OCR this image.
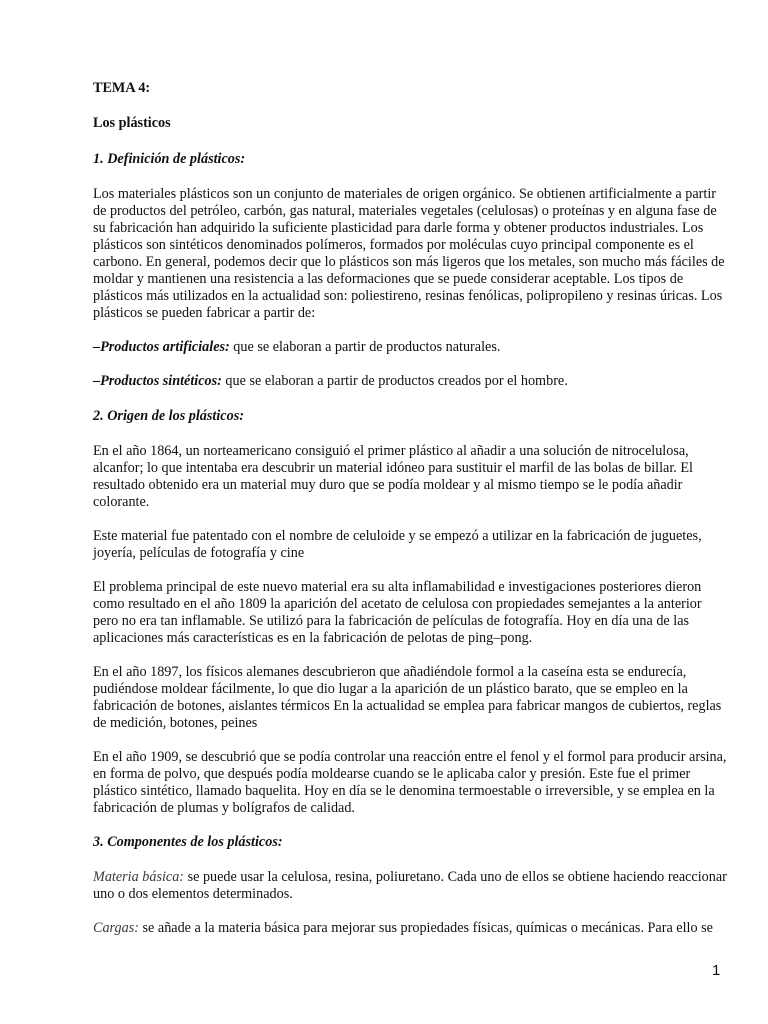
TEMA 4:

Los plásticos

1. Definición de plásticos:

Los materiales plásticos son un conjunto de materiales de origen orgánico. Se obtienen artificialmente a partir de productos del petróleo, carbón, gas natural, materiales vegetales (celulosas) o proteínas y en alguna fase de su fabricación han adquirido la suficiente plasticidad para darle forma y obtener productos industriales. Los plásticos son sintéticos denominados polímeros, formados por moléculas cuyo principal componente es el carbono. En general, podemos decir que lo plásticos son más ligeros que los metales, son mucho más fáciles de moldar y mantienen una resistencia a las deformaciones que se puede considerar aceptable. Los tipos de plásticos más utilizados en la actualidad son: poliestireno, resinas fenólicas, polipropileno y resinas úricas. Los plásticos se pueden fabricar a partir de:

–Productos artificiales: que se elaboran a partir de productos naturales.

–Productos sintéticos: que se elaboran a partir de productos creados por el hombre.

2. Origen de los plásticos:

En el año 1864, un norteamericano consiguió el primer plástico al añadir a una solución de nitrocelulosa, alcanfor; lo que intentaba era descubrir un material idóneo para sustituir el marfil de las bolas de billar. El resultado obtenido era un material muy duro que se podía moldear y al mismo tiempo se le podía añadir colorante.

Este material fue patentado con el nombre de celuloide y se empezó a utilizar en la fabricación de juguetes, joyería, películas de fotografía y cine

El problema principal de este nuevo material era su alta inflamabilidad e investigaciones posteriores dieron como resultado en el año 1809 la aparición del acetato de celulosa con propiedades semejantes a la anterior pero no era tan inflamable. Se utilizó para la fabricación de películas de fotografía. Hoy en día una de las aplicaciones más características es en la fabricación de pelotas de ping–pong.

En el año 1897, los físicos alemanes descubrieron que añadiéndole formol a la caseína esta se endurecía, pudiéndose moldear fácilmente, lo que dio lugar a la aparición de un plástico barato, que se empleo en la fabricación de botones, aislantes térmicos En la actualidad se emplea para fabricar mangos de cubiertos, reglas de medición, botones, peines

En el año 1909, se descubrió que se podía controlar una reacción entre el fenol y el formol para producir arsina, en forma de polvo, que después podía moldearse cuando se le aplicaba calor y presión. Este fue el primer plástico sintético, llamado baquelita. Hoy en día se le denomina termoestable o irreversible, y se emplea en la fabricación de plumas y bolígrafos de calidad.

3. Componentes de los plásticos:

Materia básica: se puede usar la celulosa, resina, poliuretano. Cada uno de ellos se obtiene haciendo reaccionar uno o dos elementos determinados.

Cargas: se añade a la materia básica para mejorar sus propiedades físicas, químicas o mecánicas. Para ello se

1
